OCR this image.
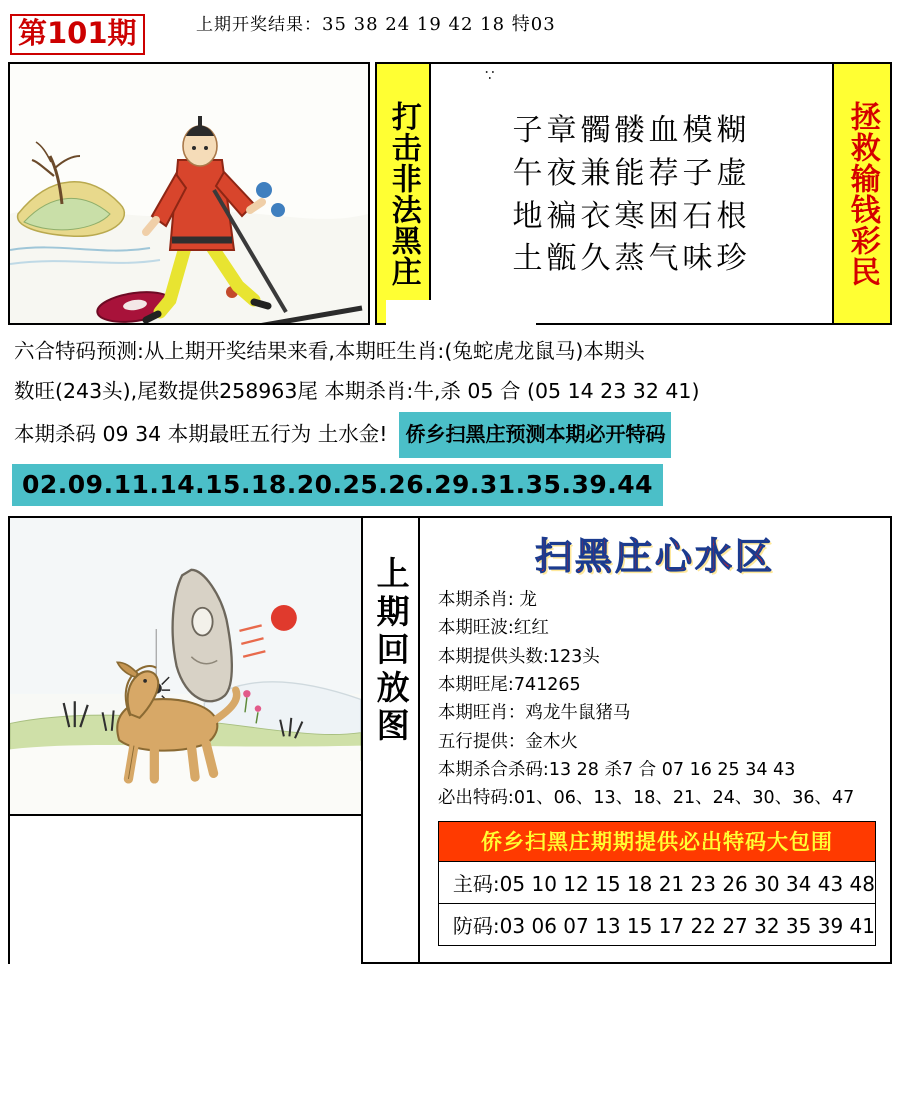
第101期	上期开奖结果：35 38 24 19 42 18 特03
打击非法黑庄
∵
子章髑髅血模糊
午夜兼能荐子虚
地褊衣寒困石根
土甑久蒸气味珍	拯救输钱彩民
六合特码预测:从上期开奖结果来看,本期旺生肖:(兔蛇虎龙鼠马)本期头
数旺(243头),尾数提供258963尾 本期杀肖:牛,杀 05 合 (05 14 23 32 41)
本期杀码 09 34 本期最旺五行为 土水金! 侨乡扫黑庄预测本期必开特码
02.09.11.14.15.18.20.25.26.29.31.35.39.44
上期回放图	扫黑庄心水区
本期杀肖: 龙
本期旺波:红红
本期提供头数:123头
本期旺尾:741265
本期旺肖：鸡龙牛鼠猪马
五行提供：金木火
本期杀合杀码:13 28 杀7 合 07 16 25 34 43
必出特码:01、06、13、18、21、24、30、36、47
侨乡扫黑庄期期提供必出特码大包围
主码:05 10 12 15 18 21 23 26 30 34 43 48
防码:03 06 07 13 15 17 22 27 32 35 39 41
